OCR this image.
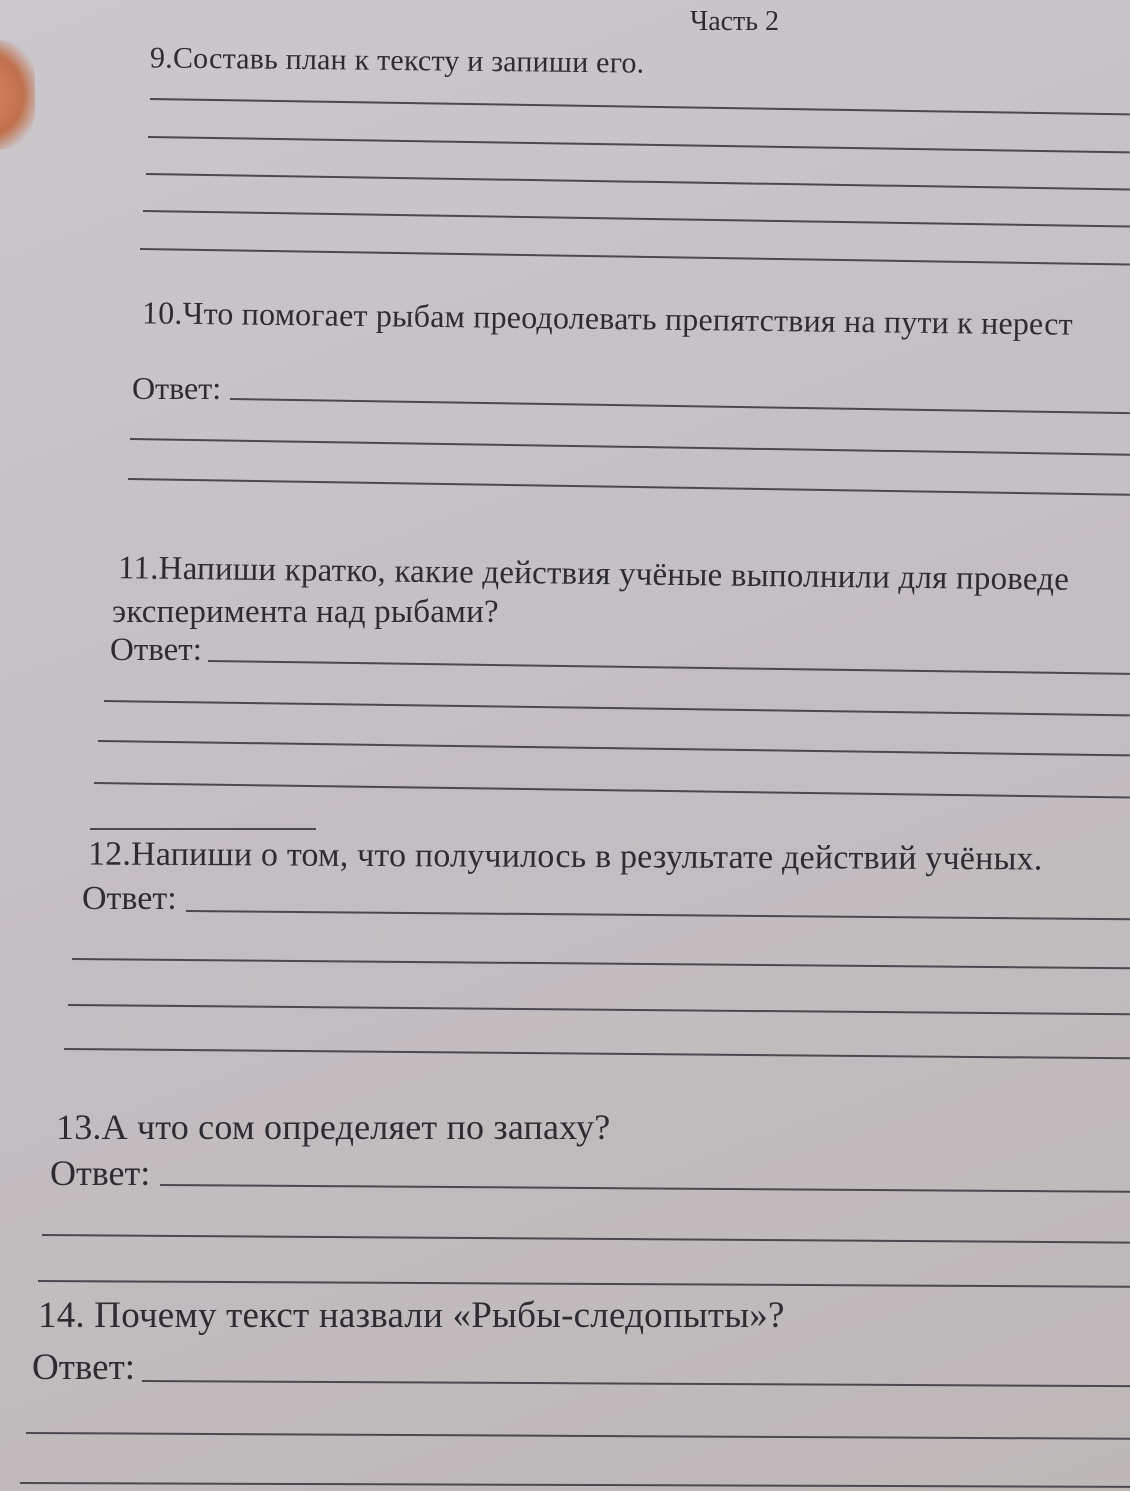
Часть 2
9.Составь план к тексту и запиши его.
10.Что помогает рыбам преодолевать препятствия на пути к нерест
Ответ:
11.Напиши кратко, какие действия учёные выполнили для проведе
эксперимента над рыбами?
Ответ:
12.Напиши о том, что получилось в результате действий учёных.
Ответ:
13.А что сом определяет по запаху?
Ответ:
14. Почему текст назвали «Рыбы-следопыты»?
Ответ:
